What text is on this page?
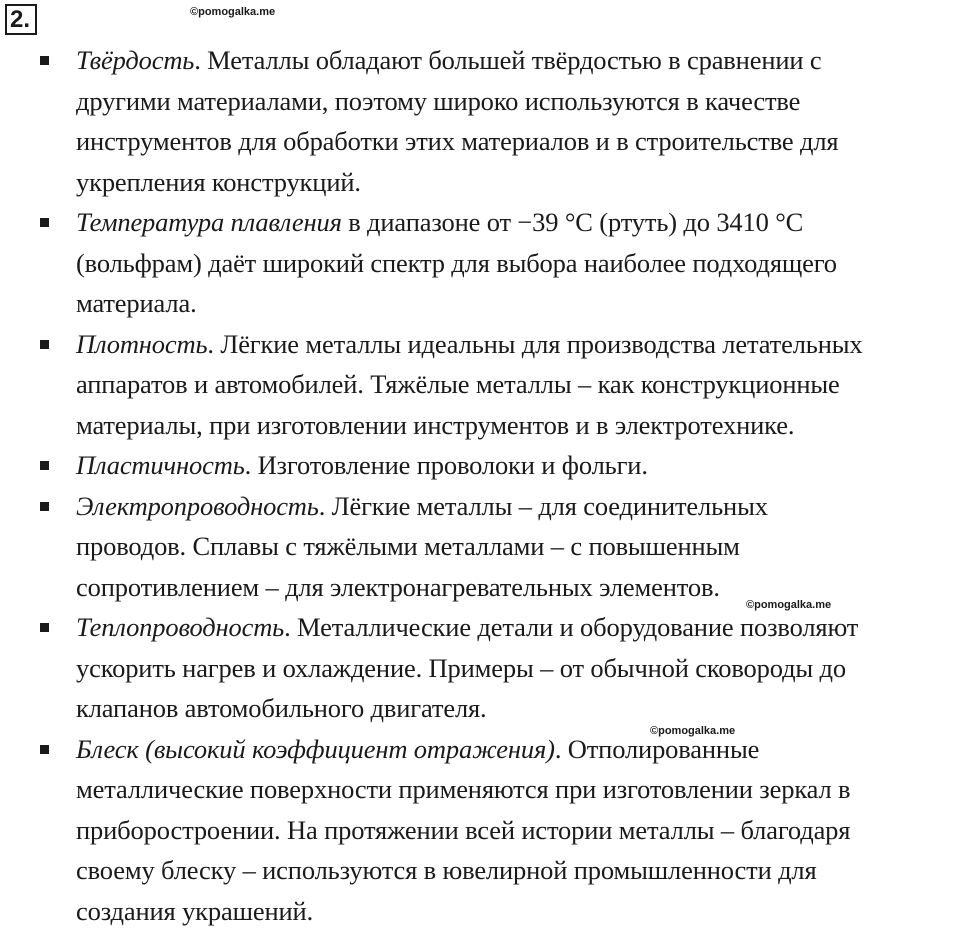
2.	©pomogalka.me
©pomogalka.me
©pomogalka.me
Твёрдость. Металлы обладают большей твёрдостью в сравнении с
другими материалами, поэтому широко используются в качестве
инструментов для обработки этих материалов и в строительстве для
укрепления конструкций.
Температура плавления в диапазоне от −39 °С (ртуть) до 3410 °С
(вольфрам) даёт широкий спектр для выбора наиболее подходящего
материала.
Плотность. Лёгкие металлы идеальны для производства летательных
аппаратов и автомобилей. Тяжёлые металлы – как конструкционные
материалы, при изготовлении инструментов и в электротехнике.
Пластичность. Изготовление проволоки и фольги.
Электропроводность. Лёгкие металлы – для соединительных
проводов. Сплавы с тяжёлыми металлами – с повышенным
сопротивлением – для электронагревательных элементов.
Теплопроводность. Металлические детали и оборудование позволяют
ускорить нагрев и охлаждение. Примеры – от обычной сковороды до
клапанов автомобильного двигателя.
Блеск (высокий коэффициент отражения). Отполированные
металлические поверхности применяются при изготовлении зеркал в
приборостроении. На протяжении всей истории металлы – благодаря
своему блеску – используются в ювелирной промышленности для
создания украшений.
